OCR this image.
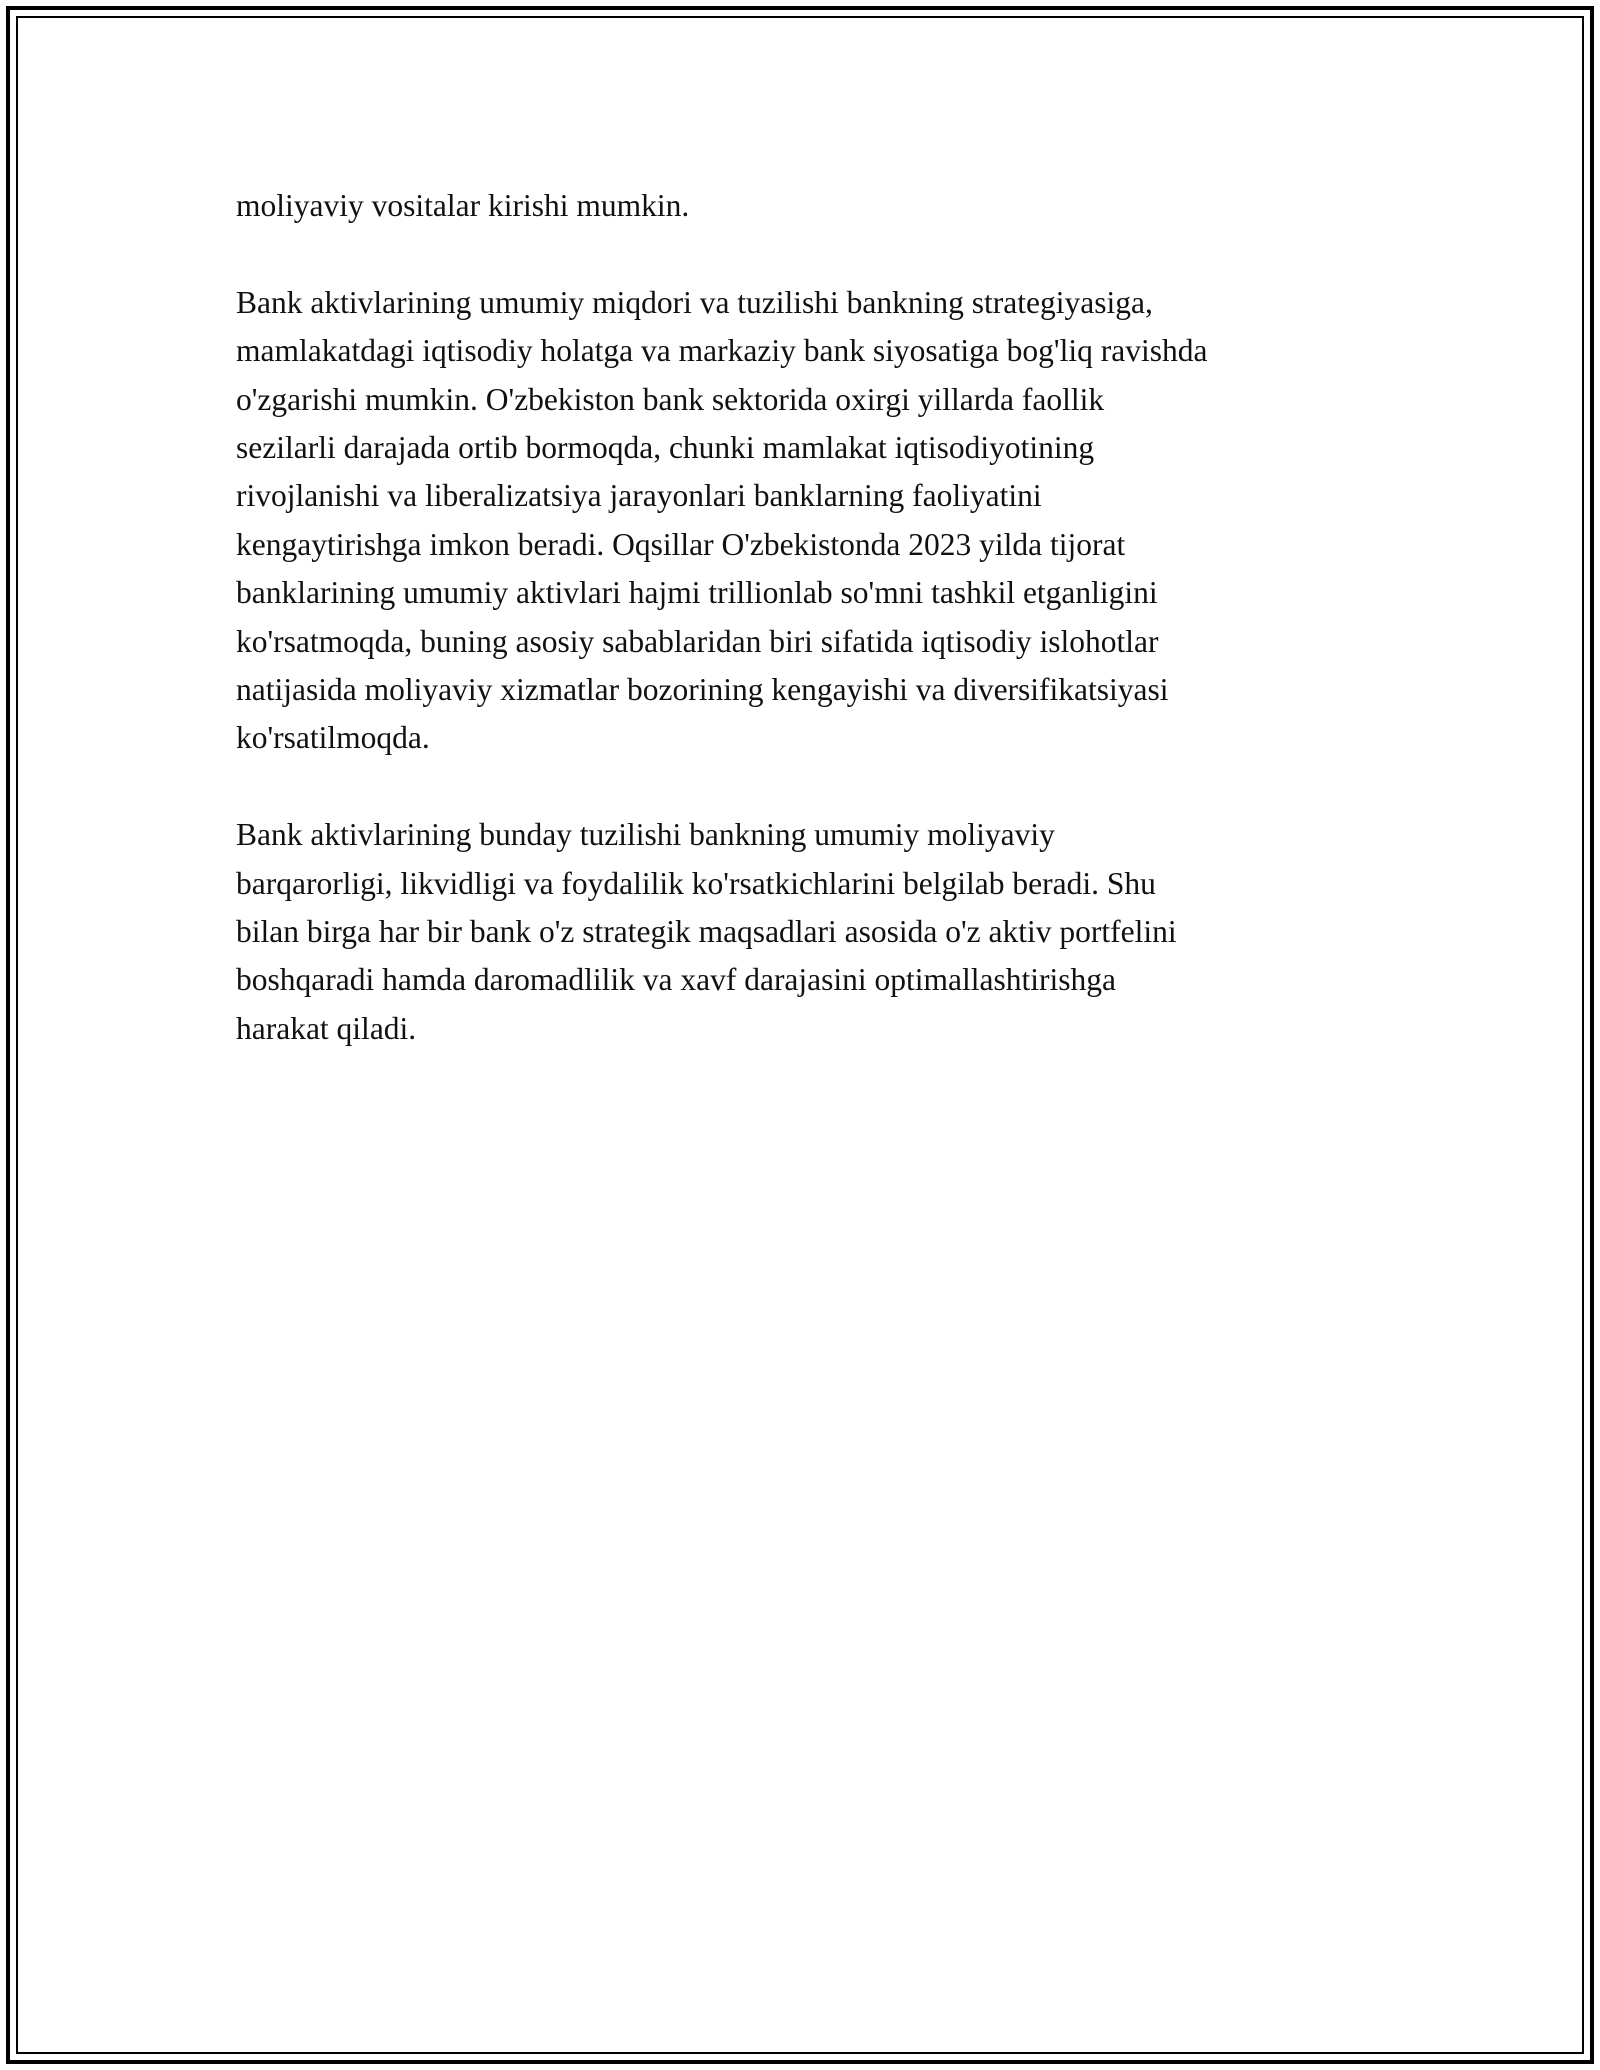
moliyaviy vositalar kirishi mumkin.

Bank aktivlarining umumiy miqdori va tuzilishi bankning strategiyasiga,
mamlakatdagi iqtisodiy holatga va markaziy bank siyosatiga bog'liq ravishda
o'zgarishi mumkin. O'zbekiston bank sektorida oxirgi yillarda faollik
sezilarli darajada ortib bormoqda, chunki mamlakat iqtisodiyotining
rivojlanishi va liberalizatsiya jarayonlari banklarning faoliyatini
kengaytirishga imkon beradi. Oqsillar O'zbekistonda 2023 yilda tijorat
banklarining umumiy aktivlari hajmi trillionlab so'mni tashkil etganligini
ko'rsatmoqda, buning asosiy sabablaridan biri sifatida iqtisodiy islohotlar
natijasida moliyaviy xizmatlar bozorining kengayishi va diversifikatsiyasi
ko'rsatilmoqda.

Bank aktivlarining bunday tuzilishi bankning umumiy moliyaviy
barqarorligi, likvidligi va foydalilik ko'rsatkichlarini belgilab beradi. Shu
bilan birga har bir bank o'z strategik maqsadlari asosida o'z aktiv portfelini
boshqaradi hamda daromadlilik va xavf darajasini optimallashtirishga
harakat qiladi.
